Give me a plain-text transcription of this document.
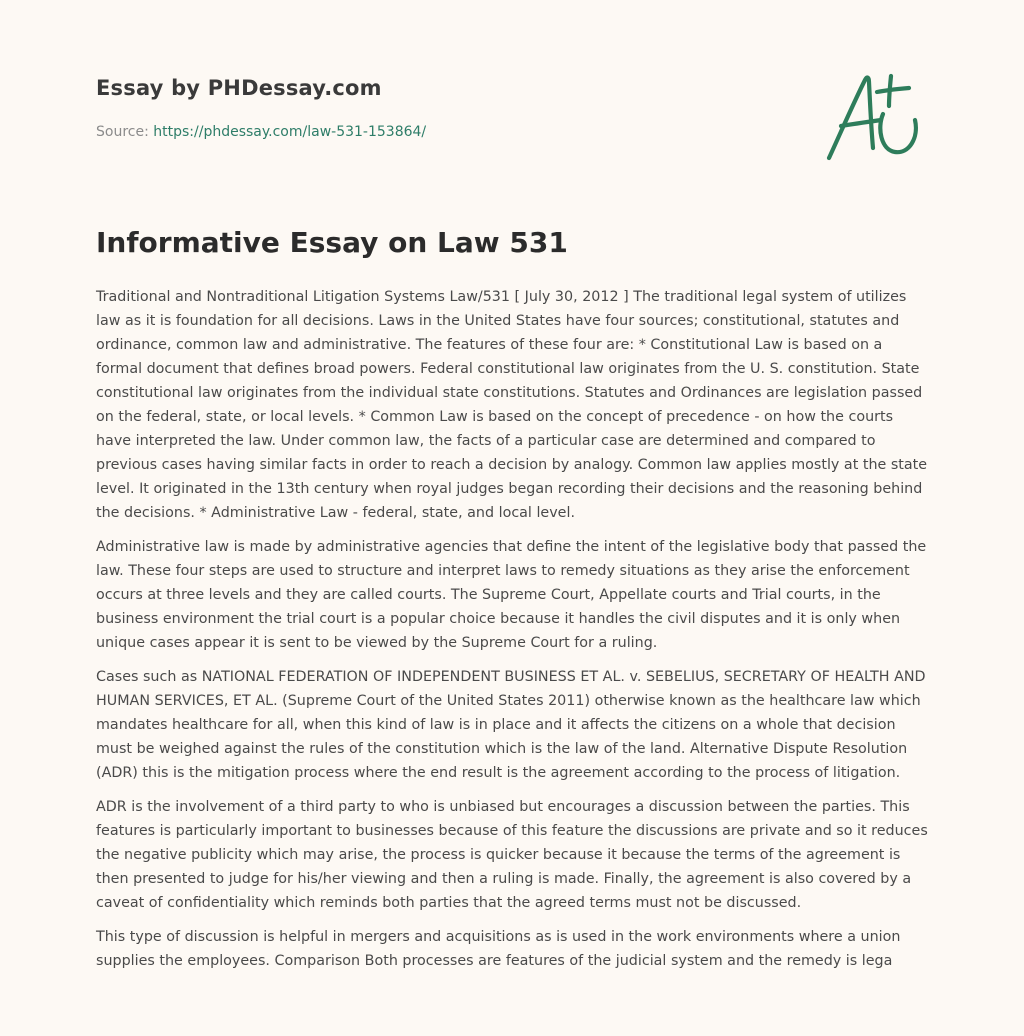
Essay by PHDessay.com
Source: https://phdessay.com/law-531-153864/
Informative Essay on Law 531

Traditional and Nontraditional Litigation Systems Law/531 [ July 30, 2012 ] The traditional legal system of utilizes law as it is foundation for all decisions. Laws in the United States have four sources; constitutional, statutes and ordinance, common law and administrative. The features of these four are: * Constitutional Law is based on a formal document that defines broad powers. Federal constitutional law originates from the U. S. constitution. State constitutional law originates from the individual state constitutions. Statutes and Ordinances are legislation passed on the federal, state, or local levels. * Common Law is based on the concept of precedence - on how the courts have interpreted the law. Under common law, the facts of a particular case are determined and compared to previous cases having similar facts in order to reach a decision by analogy. Common law applies mostly at the state level. It originated in the 13th century when royal judges began recording their decisions and the reasoning behind the decisions. * Administrative Law - federal, state, and local level.

Administrative law is made by administrative agencies that define the intent of the legislative body that passed the law. These four steps are used to structure and interpret laws to remedy situations as they arise the enforcement occurs at three levels and they are called courts. The Supreme Court, Appellate courts and Trial courts, in the business environment the trial court is a popular choice because it handles the civil disputes and it is only when unique cases appear it is sent to be viewed by the Supreme Court for a ruling.

Cases such as NATIONAL FEDERATION OF INDEPENDENT BUSINESS ET AL. v. SEBELIUS, SECRETARY OF HEALTH AND HUMAN SERVICES, ET AL. (Supreme Court of the United States 2011) otherwise known as the healthcare law which mandates healthcare for all, when this kind of law is in place and it affects the citizens on a whole that decision must be weighed against the rules of the constitution which is the law of the land. Alternative Dispute Resolution (ADR) this is the mitigation process where the end result is the agreement according to the process of litigation.

ADR is the involvement of a third party to who is unbiased but encourages a discussion between the parties. This features is particularly important to businesses because of this feature the discussions are private and so it reduces the negative publicity which may arise, the process is quicker because it because the terms of the agreement is then presented to judge for his/her viewing and then a ruling is made. Finally, the agreement is also covered by a caveat of confidentiality which reminds both parties that the agreed terms must not be discussed.

This type of discussion is helpful in mergers and acquisitions as is used in the work environments where a union supplies the employees. Comparison Both processes are features of the judicial system and the remedy is lega
